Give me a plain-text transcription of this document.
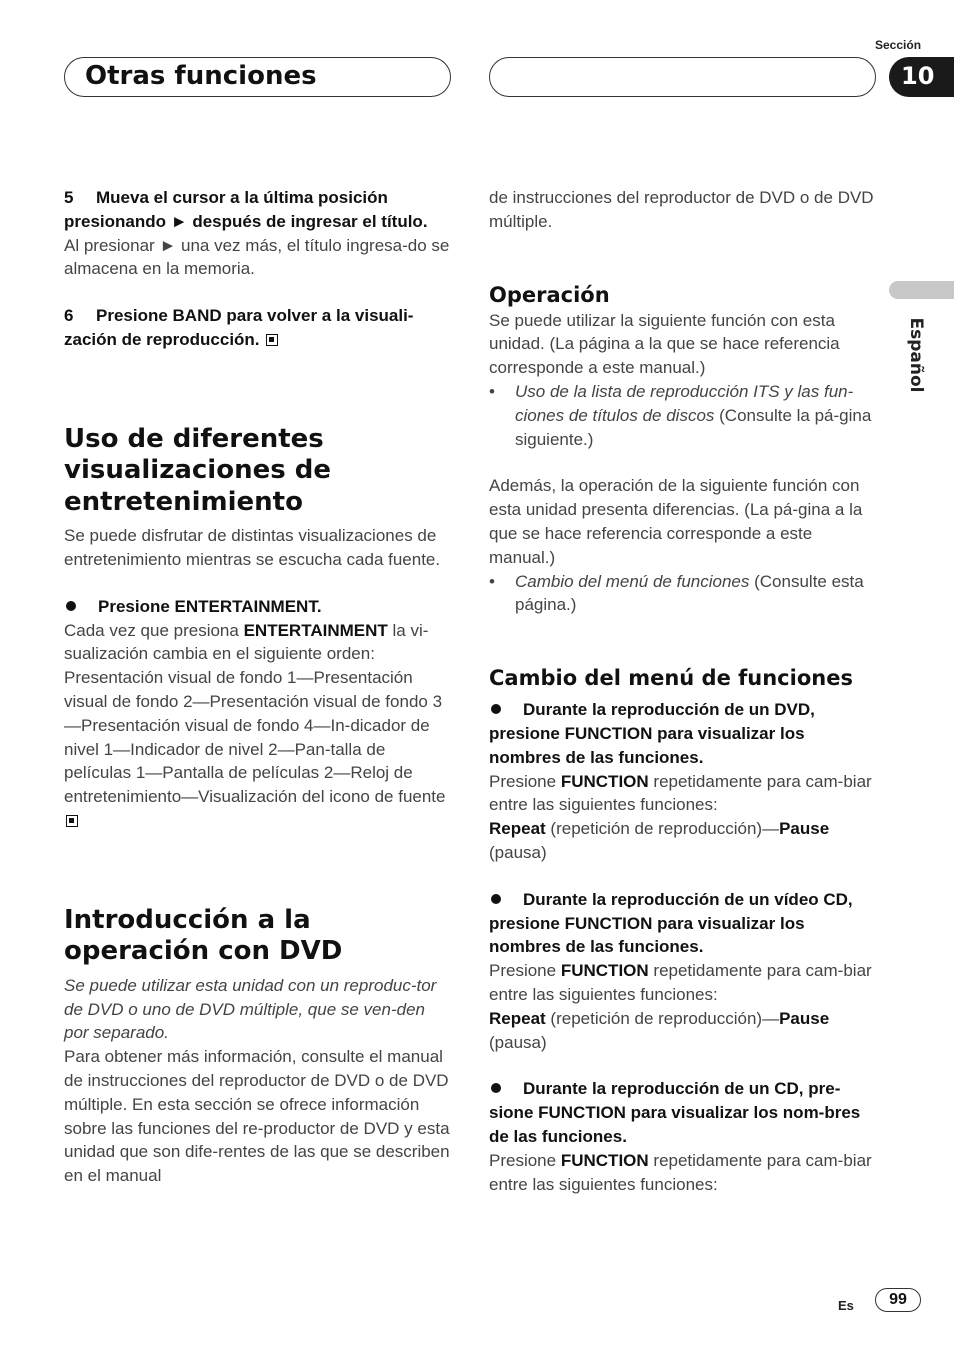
Otras funciones
Sección
10
Español

5 Mueva el cursor a la última posición presionando ► después de ingresar el título.

Al presionar ► una vez más, el título ingresa-do se almacena en la memoria.

6 Presione BAND para volver a la visuali-zación de reproducción.

Uso de diferentes visualizaciones de entretenimiento

Se puede disfrutar de distintas visualizaciones de entretenimiento mientras se escucha cada fuente.

Presione ENTERTAINMENT.

Cada vez que presiona ENTERTAINMENT la vi-sualización cambia en el siguiente orden: Presentación visual de fondo 1—Presentación visual de fondo 2—Presentación visual de fondo 3—Presentación visual de fondo 4—In-dicador de nivel 1—Indicador de nivel 2—Pan-talla de películas 1—Pantalla de películas 2—Reloj de entretenimiento—Visualización del icono de fuente

Introducción a la operación con DVD

Se puede utilizar esta unidad con un reproduc-tor de DVD o uno de DVD múltiple, que se ven-den por separado.

Para obtener más información, consulte el manual de instrucciones del reproductor de DVD o de DVD múltiple. En esta sección se ofrece información sobre las funciones del re-productor de DVD y esta unidad que son dife-rentes de las que se describen en el manual

de instrucciones del reproductor de DVD o de DVD múltiple.

Operación

Se puede utilizar la siguiente función con esta unidad. (La página a la que se hace referencia corresponde a este manual.)

•	Uso de la lista de reproducción ITS y las fun-ciones de títulos de discos (Consulte la pá-gina siguiente.)

Además, la operación de la siguiente función con esta unidad presenta diferencias. (La pá-gina a la que se hace referencia corresponde a este manual.)

•	Cambio del menú de funciones (Consulte esta página.)
Cambio del menú de funciones

Durante la reproducción de un DVD, presione FUNCTION para visualizar los nombres de las funciones.

Presione FUNCTION repetidamente para cam-biar entre las siguientes funciones:
Repeat (repetición de reproducción)—Pause
(pausa)

Durante la reproducción de un vídeo CD, presione FUNCTION para visualizar los nombres de las funciones.

Presione FUNCTION repetidamente para cam-biar entre las siguientes funciones:
Repeat (repetición de reproducción)—Pause
(pausa)

Durante la reproducción de un CD, pre-sione FUNCTION para visualizar los nom-bres de las funciones.

Presione FUNCTION repetidamente para cam-biar entre las siguientes funciones:

Es	99
